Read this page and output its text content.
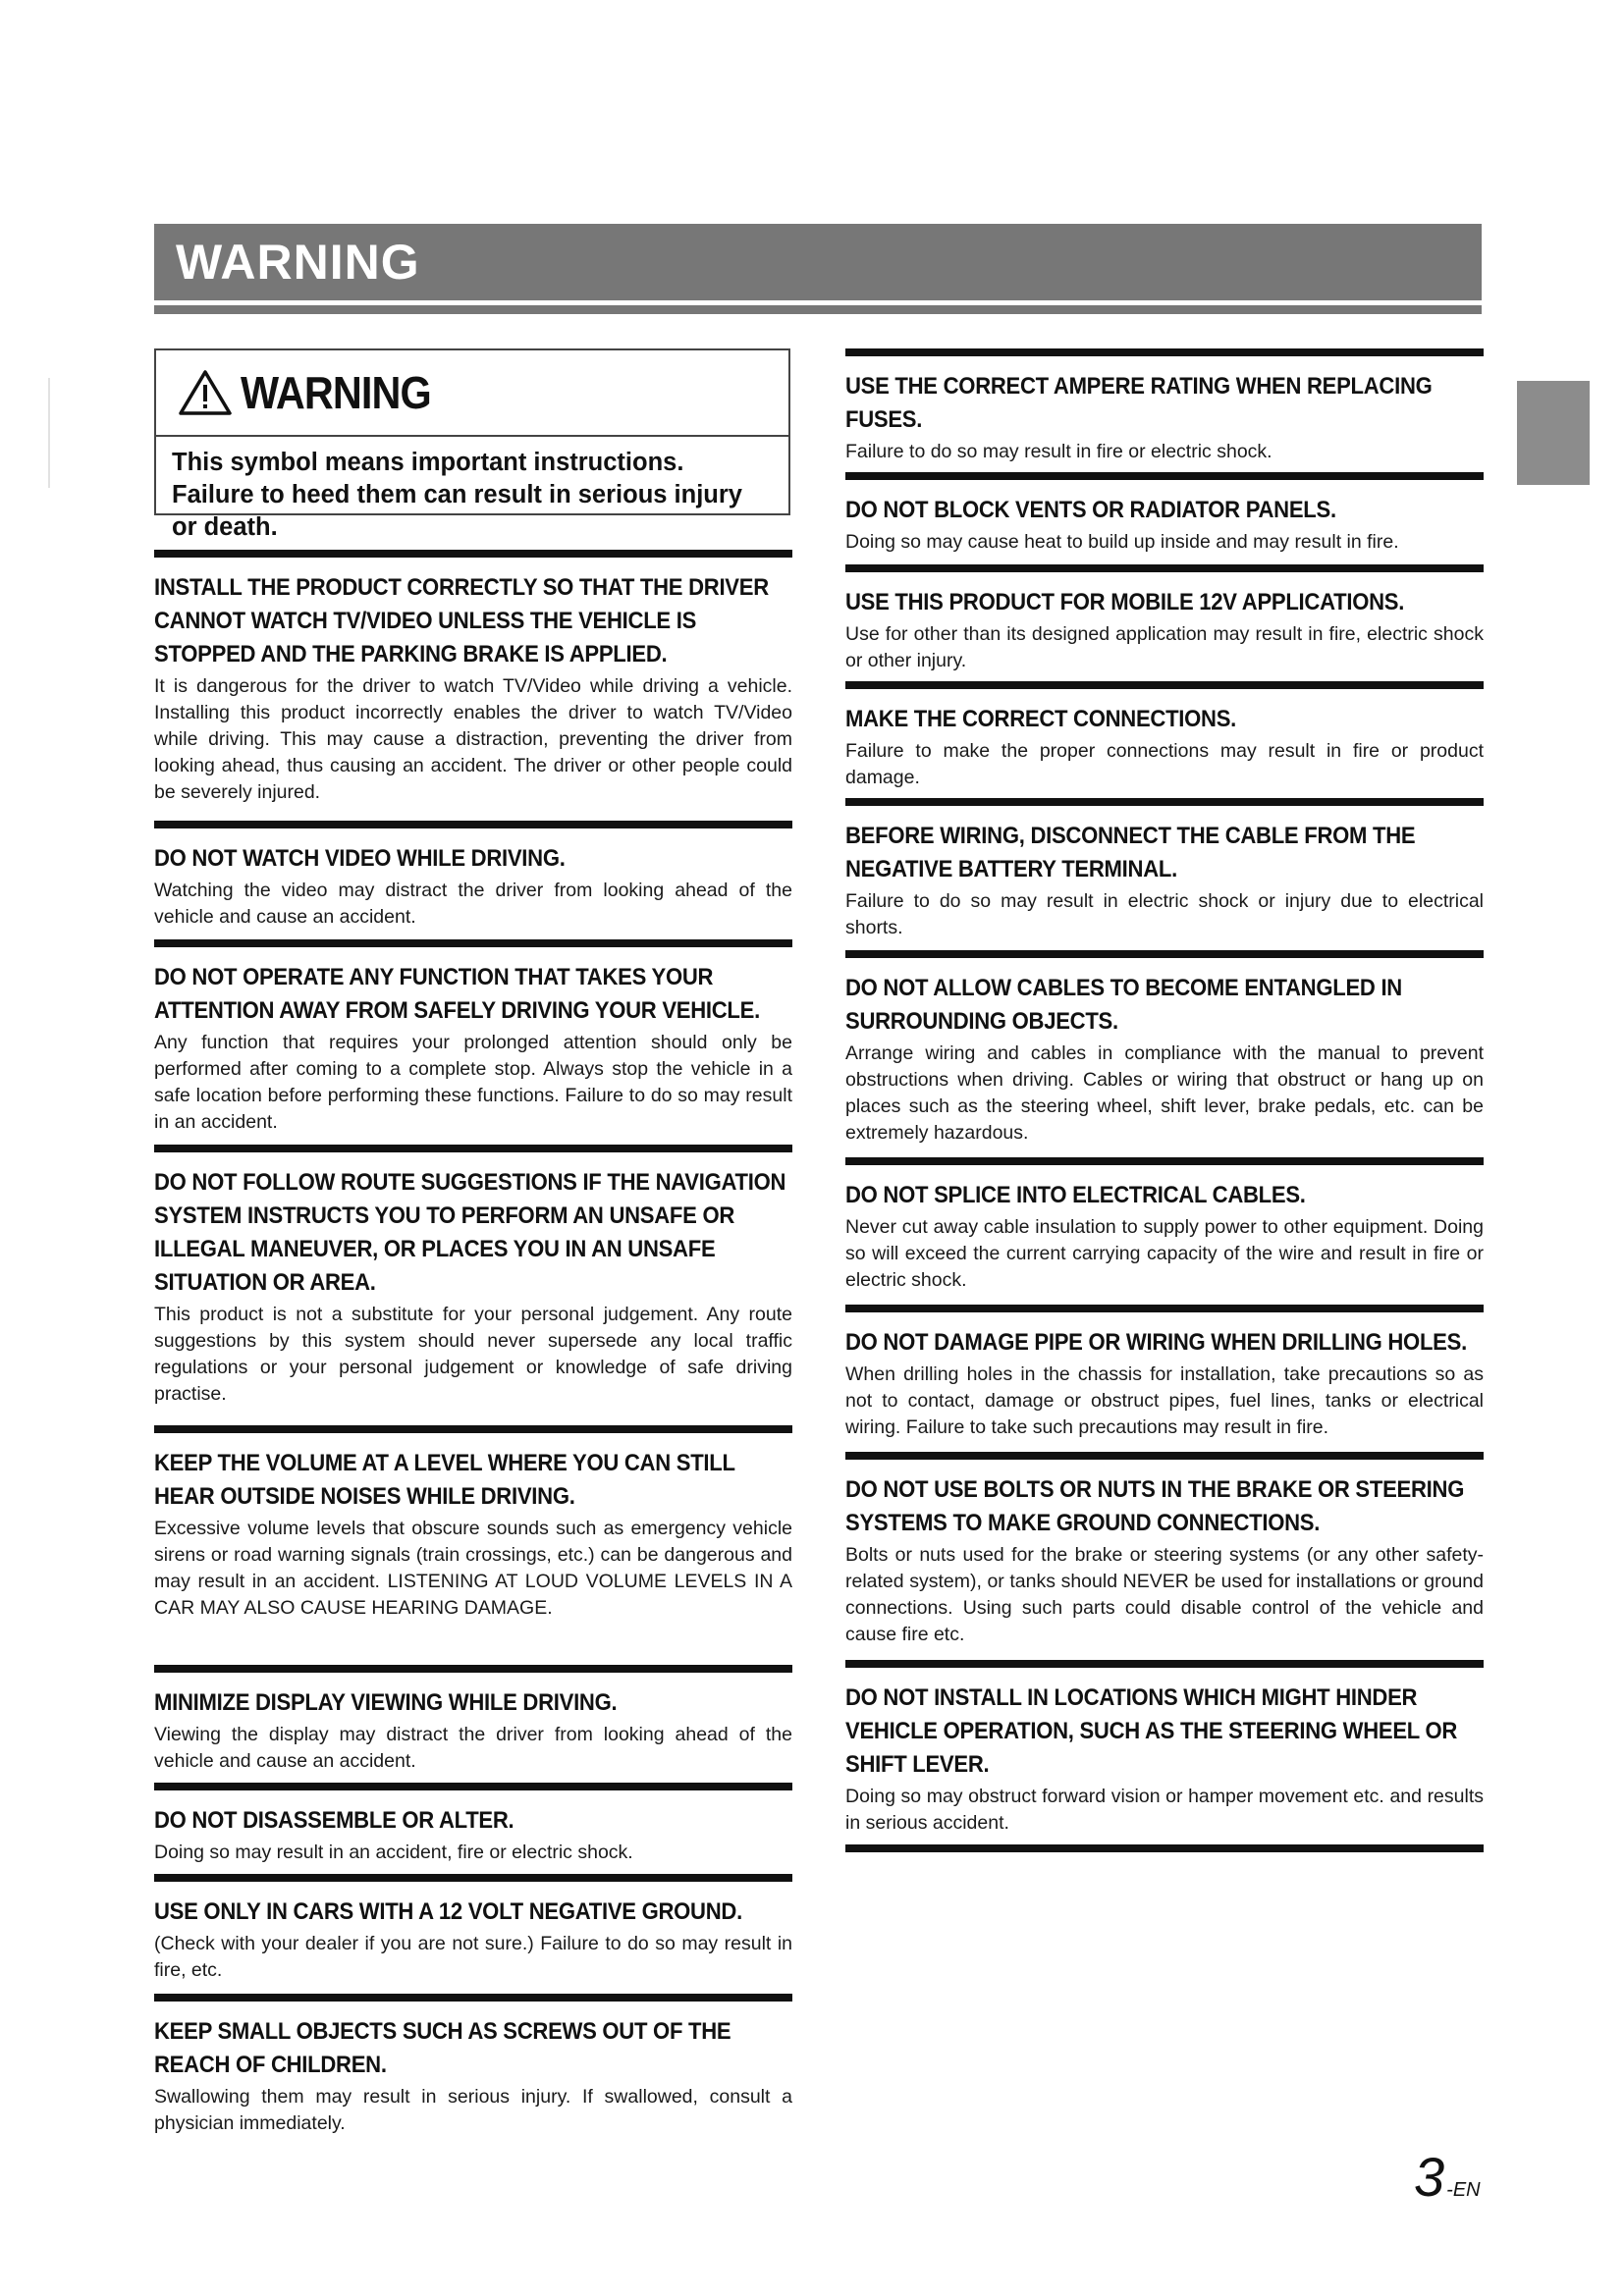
WARNING
WARNING
This symbol means important instructions. Failure to heed them can result in serious injury or death.
INSTALL THE PRODUCT CORRECTLY SO THAT THE DRIVER CANNOT WATCH TV/VIDEO UNLESS THE VEHICLE IS STOPPED AND THE PARKING BRAKE IS APPLIED.
It is dangerous for the driver to watch TV/Video while driving a vehicle. Installing this product incorrectly enables the driver to watch TV/Video while driving. This may cause a distraction, preventing the driver from looking ahead, thus causing an accident. The driver or other people could be severely injured.
DO NOT WATCH VIDEO WHILE DRIVING.
Watching the video may distract the driver from looking ahead of the vehicle and cause an accident.
DO NOT OPERATE ANY FUNCTION THAT TAKES YOUR ATTENTION AWAY FROM SAFELY DRIVING YOUR VEHICLE.
Any function that requires your prolonged attention should only be performed after coming to a complete stop. Always stop the vehicle in a safe location before performing these functions. Failure to do so may result in an accident.
DO NOT FOLLOW ROUTE SUGGESTIONS IF THE NAVIGATION SYSTEM INSTRUCTS YOU TO PERFORM AN UNSAFE OR ILLEGAL MANEUVER, OR PLACES YOU IN AN UNSAFE SITUATION OR AREA.
This product is not a substitute for your personal judgement. Any route suggestions by this system should never supersede any local traffic regulations or your personal judgement or knowledge of safe driving practise.
KEEP THE VOLUME AT A LEVEL WHERE YOU CAN STILL HEAR OUTSIDE NOISES WHILE DRIVING.
Excessive volume levels that obscure sounds such as emergency vehicle sirens or road warning signals (train crossings, etc.) can be dangerous and may result in an accident. LISTENING AT LOUD VOLUME LEVELS IN A CAR MAY ALSO CAUSE HEARING DAMAGE.
MINIMIZE DISPLAY VIEWING WHILE DRIVING.
Viewing the display may distract the driver from looking ahead of the vehicle and cause an accident.
DO NOT DISASSEMBLE OR ALTER.
Doing so may result in an accident, fire or electric shock.
USE ONLY IN CARS WITH A 12 VOLT NEGATIVE GROUND.
(Check with your dealer if you are not sure.) Failure to do so may result in fire, etc.
KEEP SMALL OBJECTS SUCH AS SCREWS OUT OF THE REACH OF CHILDREN.
Swallowing them may result in serious injury. If swallowed, consult a physician immediately.
USE THE CORRECT AMPERE RATING WHEN REPLACING FUSES.
Failure to do so may result in fire or electric shock.
DO NOT BLOCK VENTS OR RADIATOR PANELS.
Doing so may cause heat to build up inside and may result in fire.
USE THIS PRODUCT FOR MOBILE 12V APPLICATIONS.
Use for other than its designed application may result in fire, electric shock or other injury.
MAKE THE CORRECT CONNECTIONS.
Failure to make the proper connections may result in fire or product damage.
BEFORE WIRING, DISCONNECT THE CABLE FROM THE NEGATIVE BATTERY TERMINAL.
Failure to do so may result in electric shock or injury due to electrical shorts.
DO NOT ALLOW CABLES TO BECOME ENTANGLED IN SURROUNDING OBJECTS.
Arrange wiring and cables in compliance with the manual to prevent obstructions when driving. Cables or wiring that obstruct or hang up on places such as the steering wheel, shift lever, brake pedals, etc. can be extremely hazardous.
DO NOT SPLICE INTO ELECTRICAL CABLES.
Never cut away cable insulation to supply power to other equipment. Doing so will exceed the current carrying capacity of the wire and result in fire or electric shock.
DO NOT DAMAGE PIPE OR WIRING WHEN DRILLING HOLES.
When drilling holes in the chassis for installation, take precautions so as not to contact, damage or obstruct pipes, fuel lines, tanks or electrical wiring. Failure to take such precautions may result in fire.
DO NOT USE BOLTS OR NUTS IN THE BRAKE OR STEERING SYSTEMS TO MAKE GROUND CONNECTIONS.
Bolts or nuts used for the brake or steering systems (or any other safety-related system), or tanks should NEVER be used for installations or ground connections. Using such parts could disable control of the vehicle and cause fire etc.
DO NOT INSTALL IN LOCATIONS WHICH MIGHT HINDER VEHICLE OPERATION, SUCH AS THE STEERING WHEEL OR SHIFT LEVER.
Doing so may obstruct forward vision or hamper movement etc. and results in serious accident.
3 -EN
